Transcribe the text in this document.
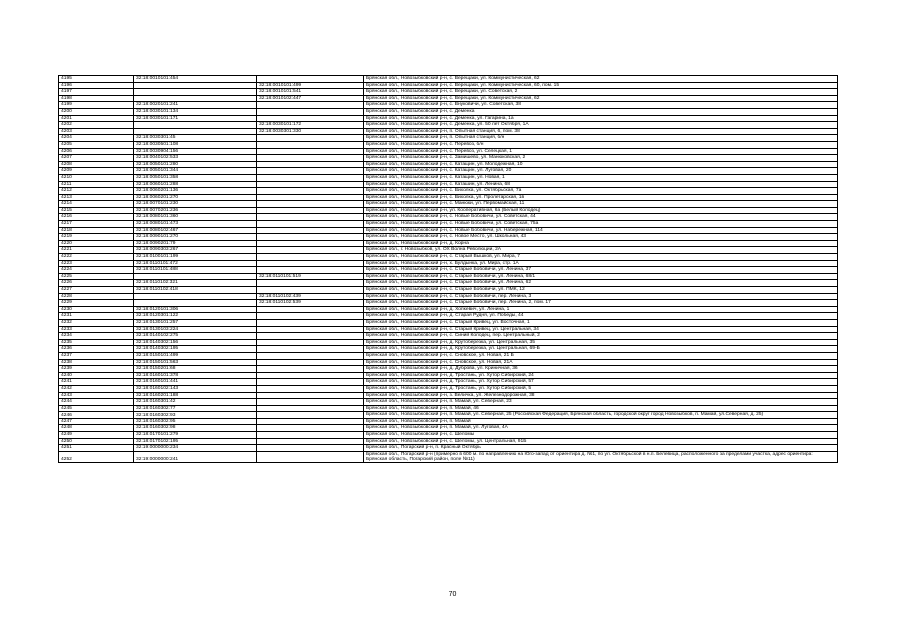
4195	32:18:0010101:454		Брянская обл., Новозыбковский р-н, с. Верещаки, ул. Коммунистическая, 62
4196		32:18:0010101:499	Брянская обл., Новозыбковский р-н, с. Верещаки, ул. Коммунистическая, 60, пом. 15
4197		32:18:0010101:541	Брянская обл., Новозыбковский р-н, с. Верещаки, ул. Советская, 2
4198		32:18:0010102:447	Брянская обл., Новозыбковский р-н, с. Верещаки, ул. Коммунистическая, 62
4199	32:18:0020101:241		Брянская обл., Новозыбковский р-н, с. Внуковичи, ул. Советская, 38
4200	32:18:0030101:134		Брянская обл., Новозыбковский р-н, с. Деменка
4201	32:18:0030101:171		Брянская обл., Новозыбковский р-н, с. Деменка, ул. Гагарина, 1а
4202		32:18:0030101:172	Брянская обл., Новозыбковский р-н, с. Деменка, ул. 50 лет Октября, 1А
4203		32:18:0030301:330	Брянская обл., Новозыбковский р-н, п. Опытная станция, 6, пом. 38
4204	32:18:0030301:45		Брянская обл., Новозыбковский р-н, п. Опытная станция, б/н
4205	32:18:0030501:108		Брянская обл., Новозыбковский р-н, с. Перевоз, б/н
4206	32:18:0030904:156		Брянская обл., Новозыбковский р-н, с. Перевоз, ул. Селецкая, 1
4207	32:18:0040102:533		Брянская обл., Новозыбковский р-н, с. Замишево, ул. Манюковская, 2
4208	32:18:0050101:280		Брянская обл., Новозыбковский р-н, с. Катащин, ул. Молодежная, 10
4209	32:18:0050101:344		Брянская обл., Новозыбковский р-н, с. Катащин, ул. Луговая, 20
4210	32:18:0050101:358		Брянская обл., Новозыбковский р-н, с. Катащин, ул. Новая, 1
4211	32:18:0060101:288		Брянская обл., Новозыбковский р-н, с. Каташин, ул. Ленина, 68
4212	32:18:0060201:136		Брянская обл., Новозыбковский р-н, с. Вихолка, ул. Октябрьская, 7а
4213	32:18:0060201:270		Брянская обл., Новозыбковский р-н, с. Вихолка, ул. Пролетарская, 1в
4214	32:18:0070101:230		Брянская обл., Новозыбковский р-н, с. Манюки, ул. Первомайская, 11
4215	32:18:0070201:236		Брянская обл., Новозыбковский р-н, ул. Кооперативная, 6а (Белый Колодец)
4216	32:18:0080101:360		Брянская обл., Новозыбковский р-н, с. Новые Бобовичи, ул. Советская, 44
4217	32:18:0080101:473		Брянская обл., Новозыбковский р-н, с. Новые Бобовичи, ул. Советская, 75а
4218	32:18:0080102:467		Брянская обл., Новозыбковский р-н, с. Новые Бобовичи, ул. Набережная, 114
4219	32:18:0090101:270		Брянская обл., Новозыбковский р-н, с. Новое Место, ул. Школьная, 43
4220	32:18:0090201:79		Брянская обл., Новозыбковский р-н, д. Корна
4221	32:18:0090303:267		Брянская обл., г. Новозыбков, ул. ОХ Волна Революции, 2А
4222	32:18:0100101:199		Брянская обл., Новозыбковский р-н, с. Старый Вышков, ул. Мира, 7
4223	32:18:0110101:472		Брянская обл., Новозыбковский р-н, х. Булдынка, ул. Мира, стр. 1А
4224	32:18:0110101:488		Брянская обл., Новозыбковский р-н, с. Старые Бобовичи, ул. Ленина, 37
4225		32:18:0110101:519	Брянская обл., Новозыбковский р-н, с. Старые Бобовичи, ул. Ленина, 68/1
4226	32:18:0110102:321		Брянская обл., Новозыбковский р-н, с. Старые Бобовичи, ул. Ленина, 62
4227	32:18:0110102:418		Брянская обл., Новозыбковский р-н, с. Старые Бобовичи, ул. ПМК, 12
4228		32:18:0110102:439	Брянская обл., Новозыбковский р-н, с. Старые Бобовичи, пер. Ленина, 3
4229		32:18:0110102:539	Брянская обл., Новозыбковский р-н, с. Старые Бобовичи, пер. Ленина, 2, пом. 17
4230	32:18:0120101:306		Брянская обл., Новозыбковский р-н, д. Хопкевич, ул. Ленина, 1
4231	32:18:0120301:122		Брянская обл., Новозыбковский р-н, д. Старая Рудня, ул. Победы, 44
4232	32:18:0130101:257		Брянская обл., Новозыбковский р-н, с. Старый Кривец, ул. Восточная, 1
4233	32:18:0130103:224		Брянская обл., Новозыбковский р-н, с. Старый Кривец, ул. Центральная, 34
4234	32:18:0140102:275		Брянская обл., Новозыбковский р-н, с. Синий Колодец, пер. Центральный, 2
4235	32:18:0140302:156		Брянская обл., Новозыбковский р-н, д. Крутоберезка, ул. Центральная, 35
4236	32:18:0140302:195		Брянская обл., Новозыбковский р-н, д. Крутоберезка, ул. Центральная, 69-Б
4237	32:18:0150101:499		Брянская обл., Новозыбковский р-н, с. Сновское, ул. Новая, 21 Б
4238	32:18:0150101:563		Брянская обл., Новозыбковский р-н, с. Сновское, ул. Новая, 21А
4239	32:18:0150201:68		Брянская обл., Новозыбковский р-н, д. Дуброва, ул. Криничная, 36
4240	32:18:0160101:378		Брянская обл., Новозыбковский р-н, д. Тростань, ул. Хутор Сибирский, 24
4241	32:18:0160101:441		Брянская обл., Новозыбковский р-н, д. Тростань, ул. Хутор Сибирский, 57
4242	32:18:0160102:143		Брянская обл., Новозыбковский р-н, д. Тростань, ул. Хутор Сибирский, 5
4243	32:18:0160201:188		Брянская обл., Новозыбковский р-н, з. Величка, ул. Железнодорожная, 38
4244	32:18:0160301:42		Брянская обл., Новозыбковский р-н, п. Мамай, ул. Северная, 23
4245	32:18:0160302:77		Брянская обл., Новозыбковский р-н, п. Мамай, 46
4246	32:18:0160302:93		Брянская обл., Новозыбковский р-н, п. Мамай, ул. Северная, 25 (Российская Федерация, Брянская область, городской округ город Новозыбков, п. Мамай, ул.Северная, д. 25)
4247	32:18:0160302:95		Брянская обл., Новозыбковский р-н, п. Мамай
4248	32:18:0160302:98		Брянская обл., Новозыбковский р-н, п. Мамай, ул. Луговая, 4А
4249	32:18:0170101:279		Брянская обл., Новозыбковский р-н, с. Шеломы
4250	32:18:0170102:195		Брянская обл., Новозыбковский р-н, с. Шеломы, ул. Центральная, 91Б
4251	32:19:0000000:234		Брянская обл., Погарский р-н, п. Красный Октябрь
4252	32:19:0000000:241		Брянская обл., Погарский р-н (примерно в 600 м. по направлению на Юго-запад от ориентира д. №1, по ул. Октябрьской в н.п. Белевица, расположенного за пределами участка, адрес ориентира: Брянская область, Погарский район, поле №11)
70
